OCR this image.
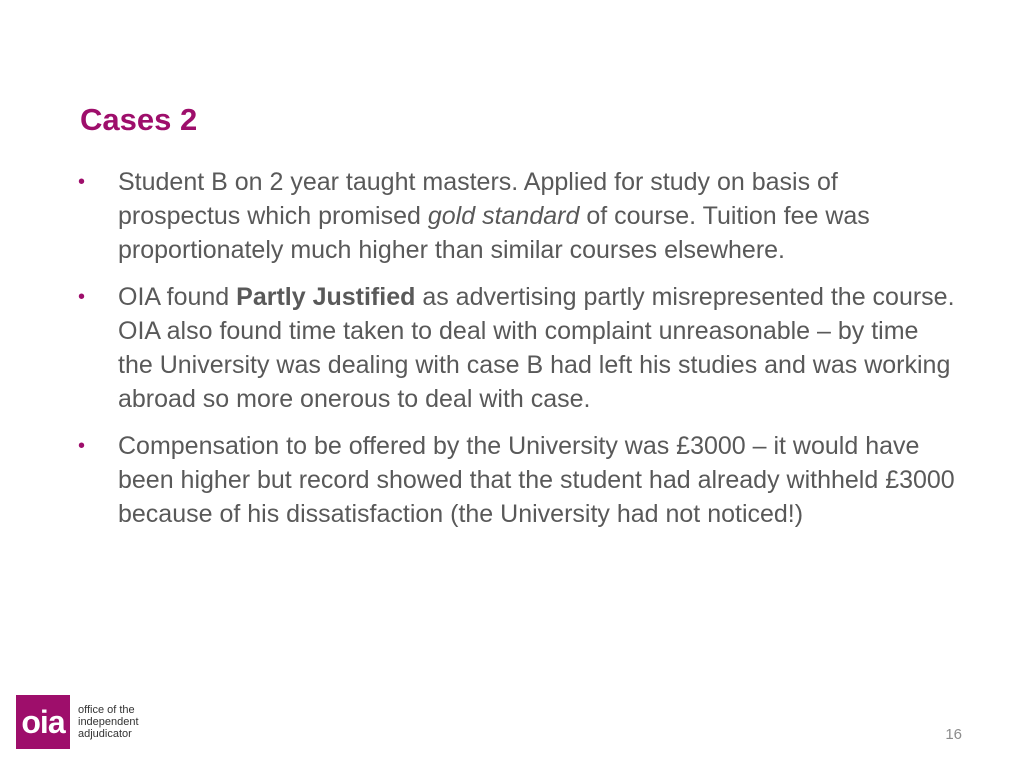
Cases 2
•	Student B on 2 year taught masters. Applied for study on basis of prospectus which promised gold standard of course. Tuition fee was proportionately much higher than similar courses elsewhere.
•	OIA found Partly Justified as advertising partly misrepresented the course. OIA also found time taken to deal with complaint unreasonable – by time the University was dealing with case B had left his studies and was working abroad so more onerous to deal with case.
•	Compensation to be offered by the University was £3000 – it would have been higher but record showed that the student had already withheld £3000 because of his dissatisfaction (the University had not noticed!)
oia	office of the
independent
adjudicator	16
